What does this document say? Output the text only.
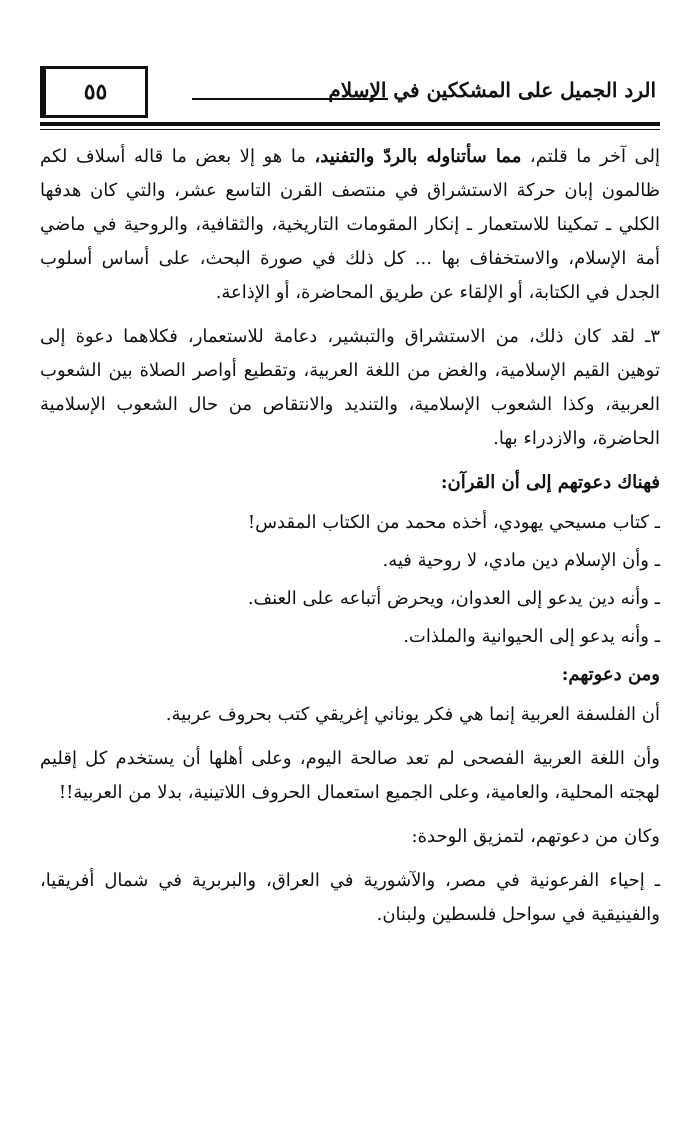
٥٥	الرد الجميل على المشككين في الإسلام

إلى آخر ما قلتم، مما سأتناوله بالردّ والتفنيد، ما هو إلا بعض ما قاله أسلاف لكم ظالمون إبان حركة الاستشراق في منتصف القرن التاسع عشر، والتي كان هدفها الكلي ـ تمكينا للاستعمار ـ إنكار المقومات التاريخية، والثقافية، والروحية في ماضي أمة الإسلام، والاستخفاف بها ... كل ذلك في صورة البحث، على أساس أسلوب الجدل في الكتابة، أو الإلقاء عن طريق المحاضرة، أو الإذاعة.

٣ـ لقد كان ذلك، من الاستشراق والتبشير، دعامة للاستعمار، فكلاهما دعوة إلى توهين القيم الإسلامية، والغض من اللغة العربية، وتقطيع أواصر الصلاة بين الشعوب العربية، وكذا الشعوب الإسلامية، والتنديد والانتقاص من حال الشعوب الإسلامية الحاضرة، والازدراء بها.

فهناك دعوتهم إلى أن القرآن:

ـ كتاب مسيحي يهودي، أخذه محمد من الكتاب المقدس!

ـ وأن الإسلام دين مادي، لا روحية فيه.

ـ وأنه دين يدعو إلى العدوان، ويحرض أتباعه على العنف.

ـ وأنه يدعو إلى الحيوانية والملذات.

ومن دعوتهم:

أن الفلسفة العربية إنما هي فكر يوناني إغريقي كتب بحروف عربية.

وأن اللغة العربية الفصحى لم تعد صالحة اليوم، وعلى أهلها أن يستخدم كل إقليم لهجته المحلية، والعامية، وعلى الجميع استعمال الحروف اللاتينية، بدلا من العربية!!

وكان من دعوتهم، لتمزيق الوحدة:

ـ إحياء الفرعونية في مصر، والآشورية في العراق، والبربرية في شمال أفريقيا، والفينيقية في سواحل فلسطين ولبنان.
